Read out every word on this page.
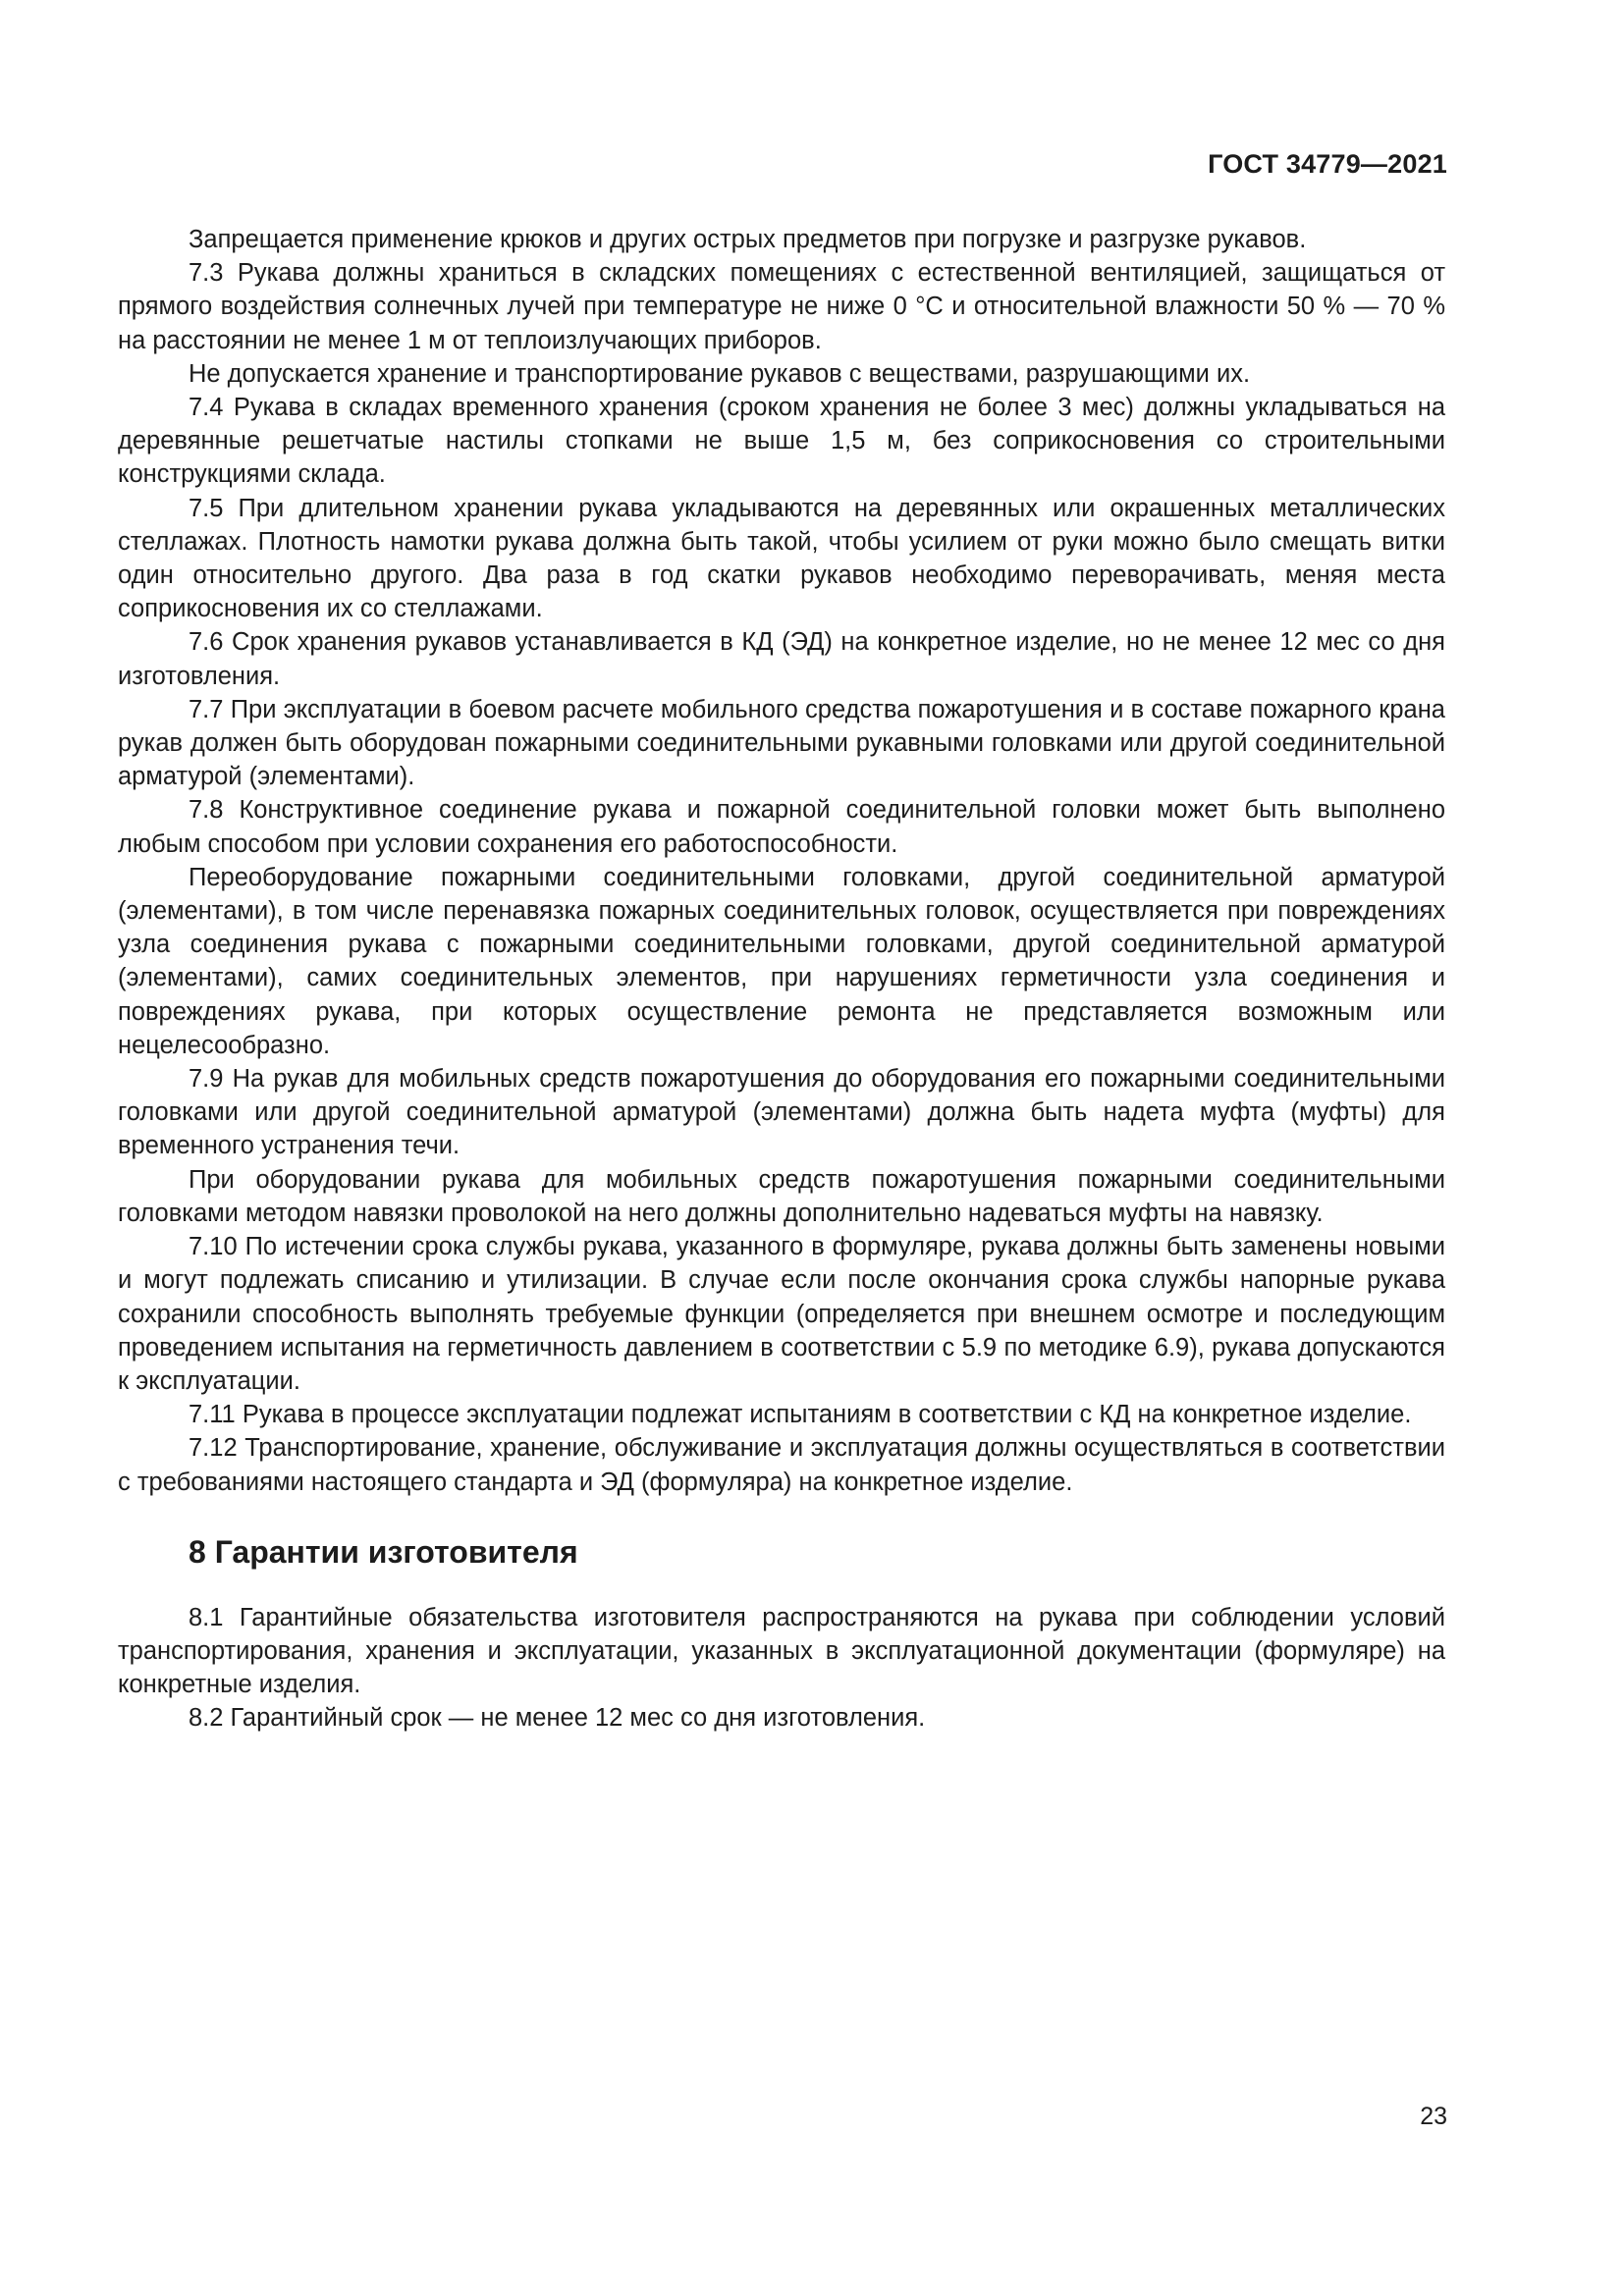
ГОСТ 34779—2021

Запрещается применение крюков и других острых предметов при погрузке и разгрузке рукавов.

7.3 Рукава должны храниться в складских помещениях с естественной вентиляцией, защищаться от прямого воздействия солнечных лучей при температуре не ниже 0 °С и относительной влажности 50 % — 70 % на расстоянии не менее 1 м от теплоизлучающих приборов.

Не допускается хранение и транспортирование рукавов с веществами, разрушающими их.

7.4 Рукава в складах временного хранения (сроком хранения не более 3 мес) должны укладываться на деревянные решетчатые настилы стопками не выше 1,5 м, без соприкосновения со строительными конструкциями склада.

7.5 При длительном хранении рукава укладываются на деревянных или окрашенных металлических стеллажах. Плотность намотки рукава должна быть такой, чтобы усилием от руки можно было смещать витки один относительно другого. Два раза в год скатки рукавов необходимо переворачивать, меняя места соприкосновения их со стеллажами.

7.6 Срок хранения рукавов устанавливается в КД (ЭД) на конкретное изделие, но не менее 12 мес со дня изготовления.

7.7 При эксплуатации в боевом расчете мобильного средства пожаротушения и в составе пожарного крана рукав должен быть оборудован пожарными соединительными рукавными головками или другой соединительной арматурой (элементами).

7.8 Конструктивное соединение рукава и пожарной соединительной головки может быть выполнено любым способом при условии сохранения его работоспособности.

Переоборудование пожарными соединительными головками, другой соединительной арматурой (элементами), в том числе перенавязка пожарных соединительных головок, осуществляется при повреждениях узла соединения рукава с пожарными соединительными головками, другой соединительной арматурой (элементами), самих соединительных элементов, при нарушениях герметичности узла соединения и повреждениях рукава, при которых осуществление ремонта не представляется возможным или нецелесообразно.

7.9 На рукав для мобильных средств пожаротушения до оборудования его пожарными соединительными головками или другой соединительной арматурой (элементами) должна быть надета муфта (муфты) для временного устранения течи.

При оборудовании рукава для мобильных средств пожаротушения пожарными соединительными головками методом навязки проволокой на него должны дополнительно надеваться муфты на навязку.

7.10 По истечении срока службы рукава, указанного в формуляре, рукава должны быть заменены новыми и могут подлежать списанию и утилизации. В случае если после окончания срока службы напорные рукава сохранили способность выполнять требуемые функции (определяется при внешнем осмотре и последующим проведением испытания на герметичность давлением в соответствии с 5.9 по методике 6.9), рукава допускаются к эксплуатации.

7.11 Рукава в процессе эксплуатации подлежат испытаниям в соответствии с КД на конкретное изделие.

7.12 Транспортирование, хранение, обслуживание и эксплуатация должны осуществляться в соответствии с требованиями настоящего стандарта и ЭД (формуляра) на конкретное изделие.

8 Гарантии изготовителя

8.1 Гарантийные обязательства изготовителя распространяются на рукава при соблюдении условий транспортирования, хранения и эксплуатации, указанных в эксплуатационной документации (формуляре) на конкретные изделия.

8.2 Гарантийный срок — не менее 12 мес со дня изготовления.

23
